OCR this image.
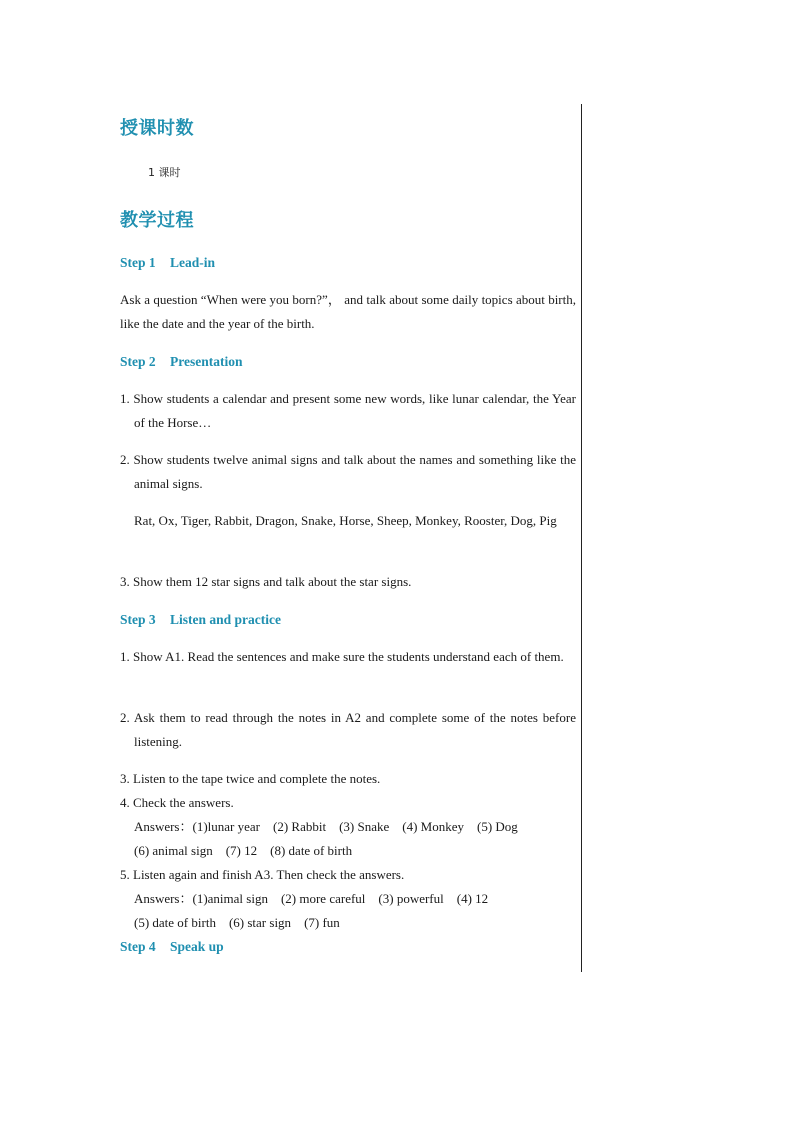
授课时数
1 课时
教学过程
Step 1 Lead-in
Ask a question “When were you born?”， and talk about some daily topics about birth, like the date and the year of the birth.
Step 2 Presentation
1. Show students a calendar and present some new words, like lunar calendar, the Year of the Horse…
2. Show students twelve animal signs and talk about the names and something like the animal signs.
Rat, Ox, Tiger, Rabbit, Dragon, Snake, Horse, Sheep, Monkey, Rooster, Dog, Pig
3. Show them 12 star signs and talk about the star signs.
Step 3 Listen and practice
1. Show A1. Read the sentences and make sure the students understand each of them.
2. Ask them to read through the notes in A2 and complete some of the notes before listening.
3. Listen to the tape twice and complete the notes.
4. Check the answers.
Answers：(1)lunar year (2) Rabbit (3) Snake (4) Monkey (5) Dog
(6) animal sign (7) 12 (8) date of birth
5. Listen again and finish A3. Then check the answers.
Answers：(1)animal sign (2) more careful (3) powerful (4) 12
(5) date of birth (6) star sign (7) fun
Step 4 Speak up
